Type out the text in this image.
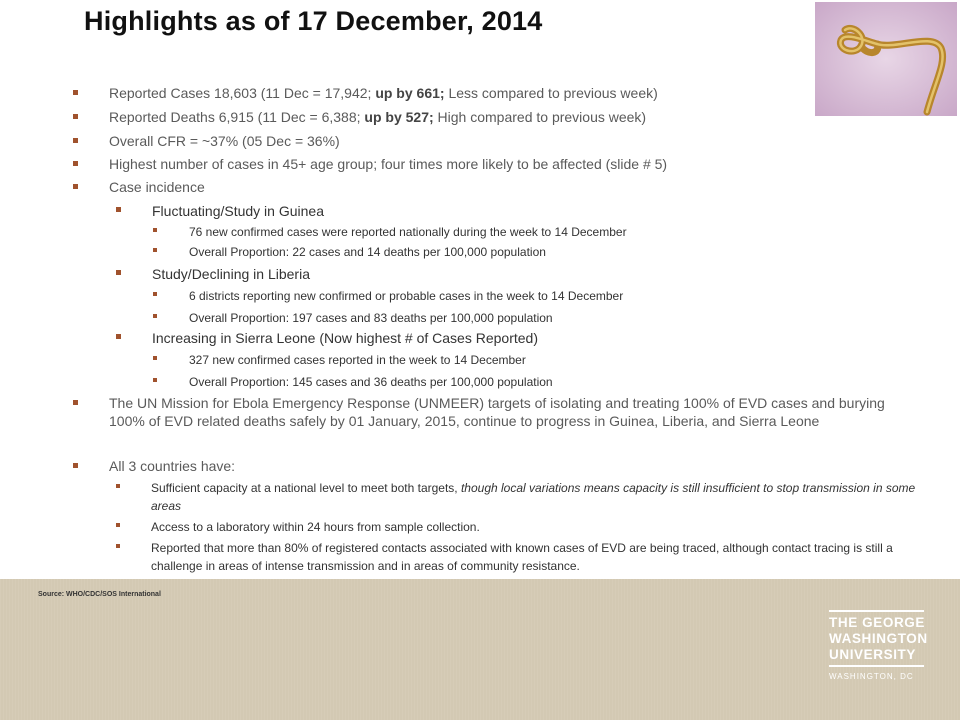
Highlights as of 17 December, 2014
Reported Cases 18,603 (11 Dec = 17,942; up by 661; Less compared to previous week)
Reported Deaths 6,915 (11 Dec = 6,388; up by 527; High compared to previous week)
Overall CFR = ~37% (05 Dec = 36%)
Highest number of cases in 45+ age group; four times more likely to be affected (slide # 5)
Case incidence
Fluctuating/Study in Guinea
76 new confirmed cases were reported nationally during the week to 14 December
Overall Proportion: 22 cases and 14 deaths per 100,000 population
Study/Declining in Liberia
6 districts reporting new confirmed or probable cases in the week to 14 December
Overall Proportion: 197 cases and 83 deaths per 100,000 population
Increasing in Sierra Leone (Now highest # of Cases Reported)
327 new confirmed cases reported in the week to 14 December
Overall Proportion: 145 cases and 36 deaths per 100,000 population
The UN Mission for Ebola Emergency Response (UNMEER) targets of isolating and treating 100% of EVD cases and burying 100% of EVD related deaths safely by 01 January, 2015, continue to progress in Guinea, Liberia, and Sierra Leone
All 3 countries have:
Sufficient capacity at a national level to meet both targets, though local variations means capacity is still insufficient to stop transmission in some areas
Access to a laboratory within 24 hours from sample collection.
Reported that more than 80% of registered contacts associated with known cases of EVD are being traced, although contact tracing is still a challenge in areas of intense transmission and in areas of community resistance.
Source: WHO/CDC/SOS International
THE GEORGE
WASHINGTON
UNIVERSITY
WASHINGTON, DC
